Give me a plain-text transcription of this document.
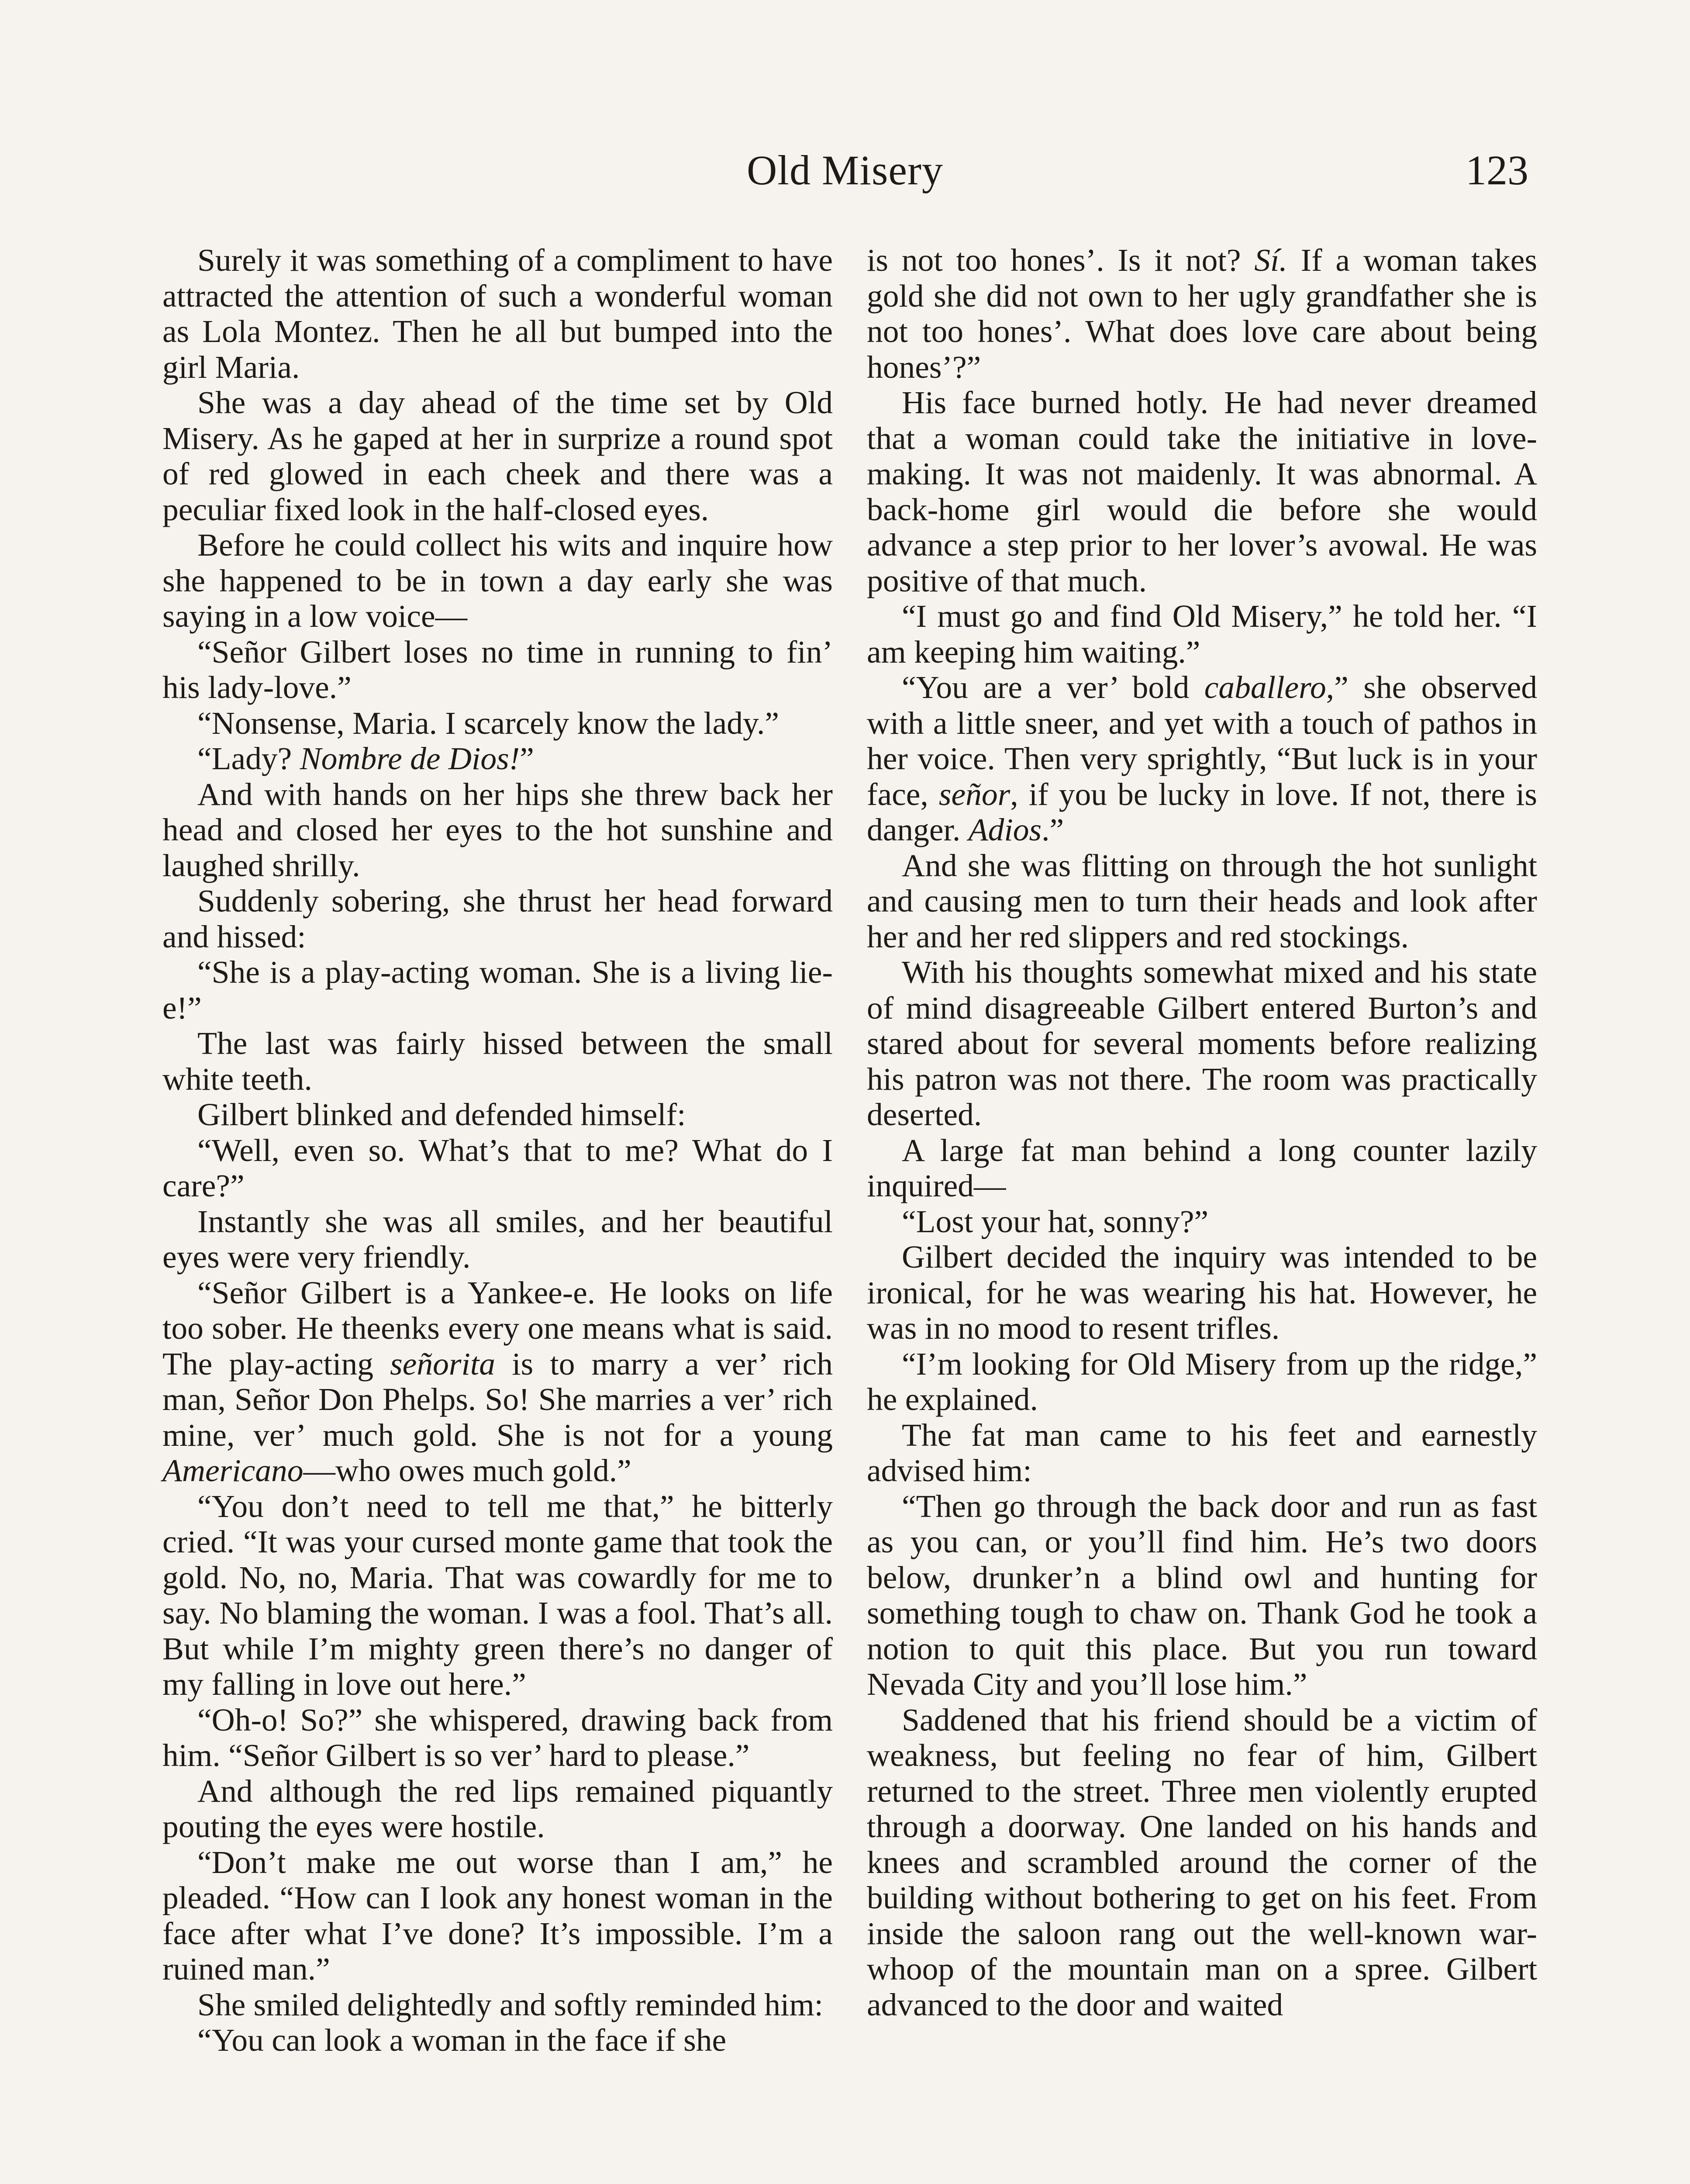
Old Misery	123

Surely it was something of a compliment to have attracted the attention of such a wonderful woman as Lola Montez. Then he all but bumped into the girl Maria.

She was a day ahead of the time set by Old Misery. As he gaped at her in surprize a round spot of red glowed in each cheek and there was a peculiar fixed look in the half-closed eyes.

Before he could collect his wits and inquire how she happened to be in town a day early she was saying in a low voice—

“Señor Gilbert loses no time in running to fin’ his lady-love.”

“Nonsense, Maria. I scarcely know the lady.”

“Lady? Nombre de Dios!”

And with hands on her hips she threw back her head and closed her eyes to the hot sunshine and laughed shrilly.

Suddenly sobering, she thrust her head forward and hissed:

“She is a play-acting woman. She is a living lie-e!”

The last was fairly hissed between the small white teeth.

Gilbert blinked and defended himself:

“Well, even so. What’s that to me? What do I care?”

Instantly she was all smiles, and her beautiful eyes were very friendly.

“Señor Gilbert is a Yankee-e. He looks on life too sober. He theenks every one means what is said. The play-acting señorita is to marry a ver’ rich man, Señor Don Phelps. So! She marries a ver’ rich mine, ver’ much gold. She is not for a young Americano—who owes much gold.”

“You don’t need to tell me that,” he bitterly cried. “It was your cursed monte game that took the gold. No, no, Maria. That was cowardly for me to say. No blaming the woman. I was a fool. That’s all. But while I’m mighty green there’s no danger of my falling in love out here.”

“Oh-o! So?” she whispered, drawing back from him. “Señor Gilbert is so ver’ hard to please.”

And although the red lips remained piquantly pouting the eyes were hostile.

“Don’t make me out worse than I am,” he pleaded. “How can I look any honest woman in the face after what I’ve done? It’s impossible. I’m a ruined man.”

She smiled delightedly and softly reminded him:

“You can look a woman in the face if she

is not too hones’. Is it not? Sí. If a woman takes gold she did not own to her ugly grandfather she is not too hones’. What does love care about being hones’?”

His face burned hotly. He had never dreamed that a woman could take the initiative in love-making. It was not maidenly. It was abnormal. A back-home girl would die before she would advance a step prior to her lover’s avowal. He was positive of that much.

“I must go and find Old Misery,” he told her. “I am keeping him waiting.”

“You are a ver’ bold caballero,” she observed with a little sneer, and yet with a touch of pathos in her voice. Then very sprightly, “But luck is in your face, señor, if you be lucky in love. If not, there is danger. Adios.”

And she was flitting on through the hot sunlight and causing men to turn their heads and look after her and her red slippers and red stockings.

With his thoughts somewhat mixed and his state of mind disagreeable Gilbert entered Burton’s and stared about for several moments before realizing his patron was not there. The room was practically deserted.

A large fat man behind a long counter lazily inquired—

“Lost your hat, sonny?”

Gilbert decided the inquiry was intended to be ironical, for he was wearing his hat. However, he was in no mood to resent trifles.

“I’m looking for Old Misery from up the ridge,” he explained.

The fat man came to his feet and earnestly advised him:

“Then go through the back door and run as fast as you can, or you’ll find him. He’s two doors below, drunker’n a blind owl and hunting for something tough to chaw on. Thank God he took a notion to quit this place. But you run toward Nevada City and you’ll lose him.”

Saddened that his friend should be a victim of weakness, but feeling no fear of him, Gilbert returned to the street. Three men violently erupted through a doorway. One landed on his hands and knees and scrambled around the corner of the building without bothering to get on his feet. From inside the saloon rang out the well-known war-whoop of the mountain man on a spree. Gilbert advanced to the door and waited
